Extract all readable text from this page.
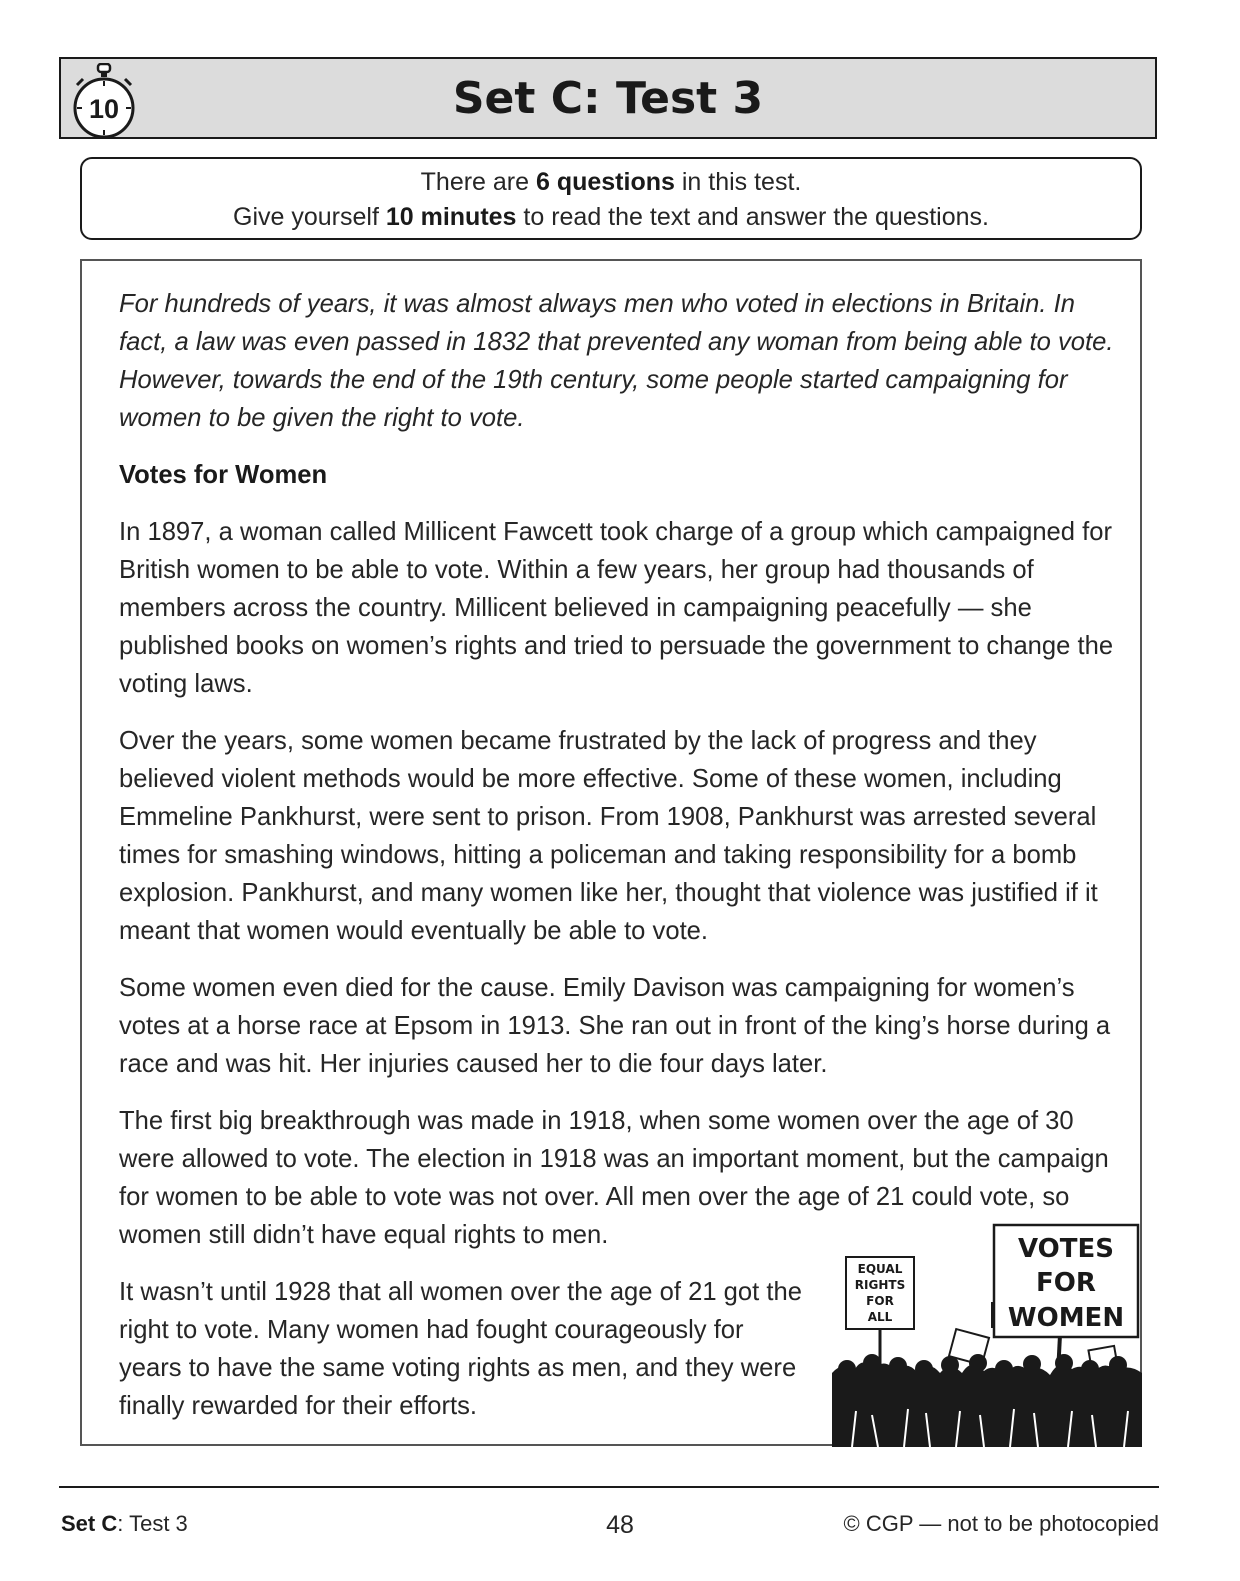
10	Set C: Test 3
There are 6 questions in this test.
Give yourself 10 minutes to read the text and answer the questions.

For hundreds of years, it was almost always men who voted in elections in Britain. In fact, a law was even passed in 1832 that prevented any woman from being able to vote. However, towards the end of the 19th century, some people started campaigning for women to be given the right to vote.

Votes for Women

In 1897, a woman called Millicent Fawcett took charge of a group which campaigned for British women to be able to vote. Within a few years, her group had thousands of members across the country. Millicent believed in campaigning peacefully — she published books on women’s rights and tried to persuade the government to change the voting laws.

Over the years, some women became frustrated by the lack of progress and they believed violent methods would be more effective. Some of these women, including Emmeline Pankhurst, were sent to prison. From 1908, Pankhurst was arrested several times for smashing windows, hitting a policeman and taking responsibility for a bomb explosion. Pankhurst, and many women like her, thought that violence was justified if it meant that women would eventually be able to vote.

Some women even died for the cause. Emily Davison was campaigning for women’s votes at a horse race at Epsom in 1913. She ran out in front of the king’s horse during a race and was hit. Her injuries caused her to die four days later.

The first big breakthrough was made in 1918, when some women over the age of 30 were allowed to vote. The election in 1918 was an important moment, but the campaign for women to be able to vote was not over. All men over the age of 21 could vote, so women still didn’t have equal rights to men.

It wasn’t until 1928 that all women over the age of 21 got the right to vote. Many women had fought courageously for years to have the same voting rights as men, and they were finally rewarded for their efforts.

EQUAL
RIGHTS
FOR
ALL
VOTES
FOR
WOMEN
Set C: Test 3	48	© CGP — not to be photocopied
